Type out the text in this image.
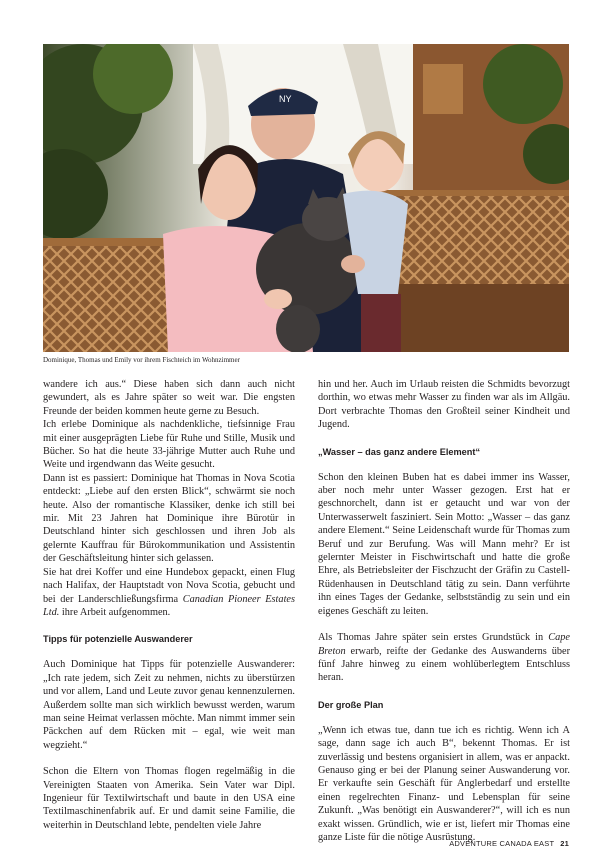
NY
Dominique, Thomas und Emily vor ihrem Fischteich im Wohnzimmer

wandere ich aus.“ Diese haben sich dann auch nicht gewundert, als es Jahre später so weit war. Die engsten Freunde der beiden kommen heute gerne zu Besuch.

Ich erlebe Dominique als nachdenkliche, tiefsinnige Frau mit einer ausgeprägten Liebe für Ruhe und Stille, Musik und Bücher. So hat die heute 33-jährige Mutter auch Ruhe und Weite und irgendwann das Weite gesucht.

Dann ist es passiert: Dominique hat Thomas in Nova Scotia entdeckt: „Liebe auf den ersten Blick“, schwärmt sie noch heute. Also der romantische Klassiker, denke ich still bei mir. Mit 23 Jahren hat Dominique ihre Bürotür in Deutschland hinter sich geschlossen und ihren Job als gelernte Kauffrau für Bürokommunikation und Assistentin der Geschäftsleitung hinter sich gelassen.

Sie hat drei Koffer und eine Hundebox gepackt, einen Flug nach Halifax, der Hauptstadt von Nova Scotia, gebucht und bei der Landerschließungsfirma Canadian Pioneer Estates Ltd. ihre Arbeit aufgenommen.

Tipps für potenzielle Auswanderer

Auch Dominique hat Tipps für potenzielle Auswanderer: „Ich rate jedem, sich Zeit zu nehmen, nichts zu überstürzen und vor allem, Land und Leute zuvor genau kennenzulernen. Außerdem sollte man sich wirklich bewusst werden, warum man seine Heimat verlassen möchte. Man nimmt immer sein Päckchen auf dem Rücken mit – egal, wie weit man wegzieht.“

Schon die Eltern von Thomas flogen regelmäßig in die Vereinigten Staaten von Amerika. Sein Vater war Dipl. Ingenieur für Textilwirtschaft und baute in den USA eine Textilmaschinenfabrik auf. Er und damit seine Familie, die weiterhin in Deutschland lebte, pendelten viele Jahre

hin und her. Auch im Urlaub reisten die Schmidts bevorzugt dorthin, wo etwas mehr Wasser zu finden war als im Allgäu. Dort verbrachte Thomas den Großteil seiner Kindheit und Jugend.

„Wasser – das ganz andere Element“

Schon den kleinen Buben hat es dabei immer ins Wasser, aber noch mehr unter Wasser gezogen. Erst hat er geschnorchelt, dann ist er getaucht und war von der Unterwasserwelt fasziniert. Sein Motto: „Wasser – das ganz andere Element.“ Seine Leidenschaft wurde für Thomas zum Beruf und zur Berufung. Was will Mann mehr? Er ist gelernter Meister in Fischwirtschaft und hatte die große Ehre, als Betriebsleiter der Fischzucht der Gräfin zu Castell-Rüdenhausen in Deutschland tätig zu sein. Dann verführte ihn eines Tages der Gedanke, selbstständig zu sein und ein eigenes Geschäft zu leiten.

Als Thomas Jahre später sein erstes Grundstück in Cape Breton erwarb, reifte der Gedanke des Auswanderns über fünf Jahre hinweg zu einem wohlüberlegtem Entschluss heran.

Der große Plan

„Wenn ich etwas tue, dann tue ich es richtig. Wenn ich A sage, dann sage ich auch B“, bekennt Thomas. Er ist zuverlässig und bestens organisiert in allem, was er anpackt. Genauso ging er bei der Planung seiner Auswanderung vor. Er verkaufte sein Geschäft für Anglerbedarf und erstellte einen regelrechten Finanz- und Lebensplan für seine Zukunft. „Was benötigt ein Auswanderer?“, will ich es nun exakt wissen. Gründlich, wie er ist, liefert mir Thomas eine ganze Liste für die nötige Ausrüstung.

ADVENTURE CANADA EAST 21
